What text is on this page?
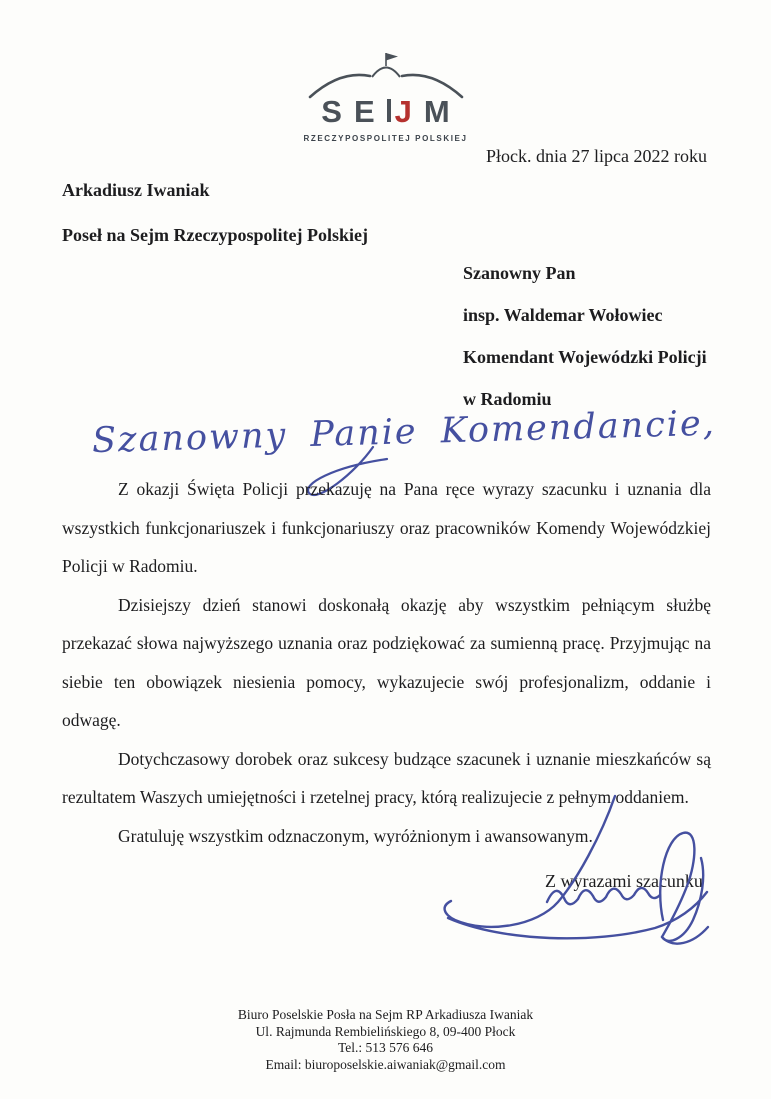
S E J M
RZECZYPOSPOLITEJ POLSKIEJ
Płock. dnia 27 lipca 2022 roku
Arkadiusz Iwaniak
Poseł na Sejm Rzeczypospolitej Polskiej
Szanowny Pan
insp. Waldemar Wołowiec
Komendant Wojewódzki Policji
w Radomiu
Szanowny Panie Komendancie,

Z okazji Święta Policji przekazuję na Pana ręce wyrazy szacunku i uznania dla wszystkich funkcjonariuszek i funkcjonariuszy oraz pracowników Komendy Wojewódzkiej Policji w Radomiu.

Dzisiejszy dzień stanowi doskonałą okazję aby wszystkim pełniącym służbę przekazać słowa najwyższego uznania oraz podziękować za sumienną pracę. Przyjmując na siebie ten obowiązek niesienia pomocy, wykazujecie swój profesjonalizm, oddanie i odwagę.

Dotychczasowy dorobek oraz sukcesy budzące szacunek i uznanie mieszkańców są rezultatem Waszych umiejętności i rzetelnej pracy, którą realizujecie z pełnym oddaniem.

Gratuluję wszystkim odznaczonym, wyróżnionym i awansowanym.

Z wyrazami szacunku
Biuro Poselskie Posła na Sejm RP Arkadiusza Iwaniak
Ul. Rajmunda Rembielińskiego 8, 09-400 Płock
Tel.: 513 576 646
Email: biuroposelskie.aiwaniak@gmail.com
